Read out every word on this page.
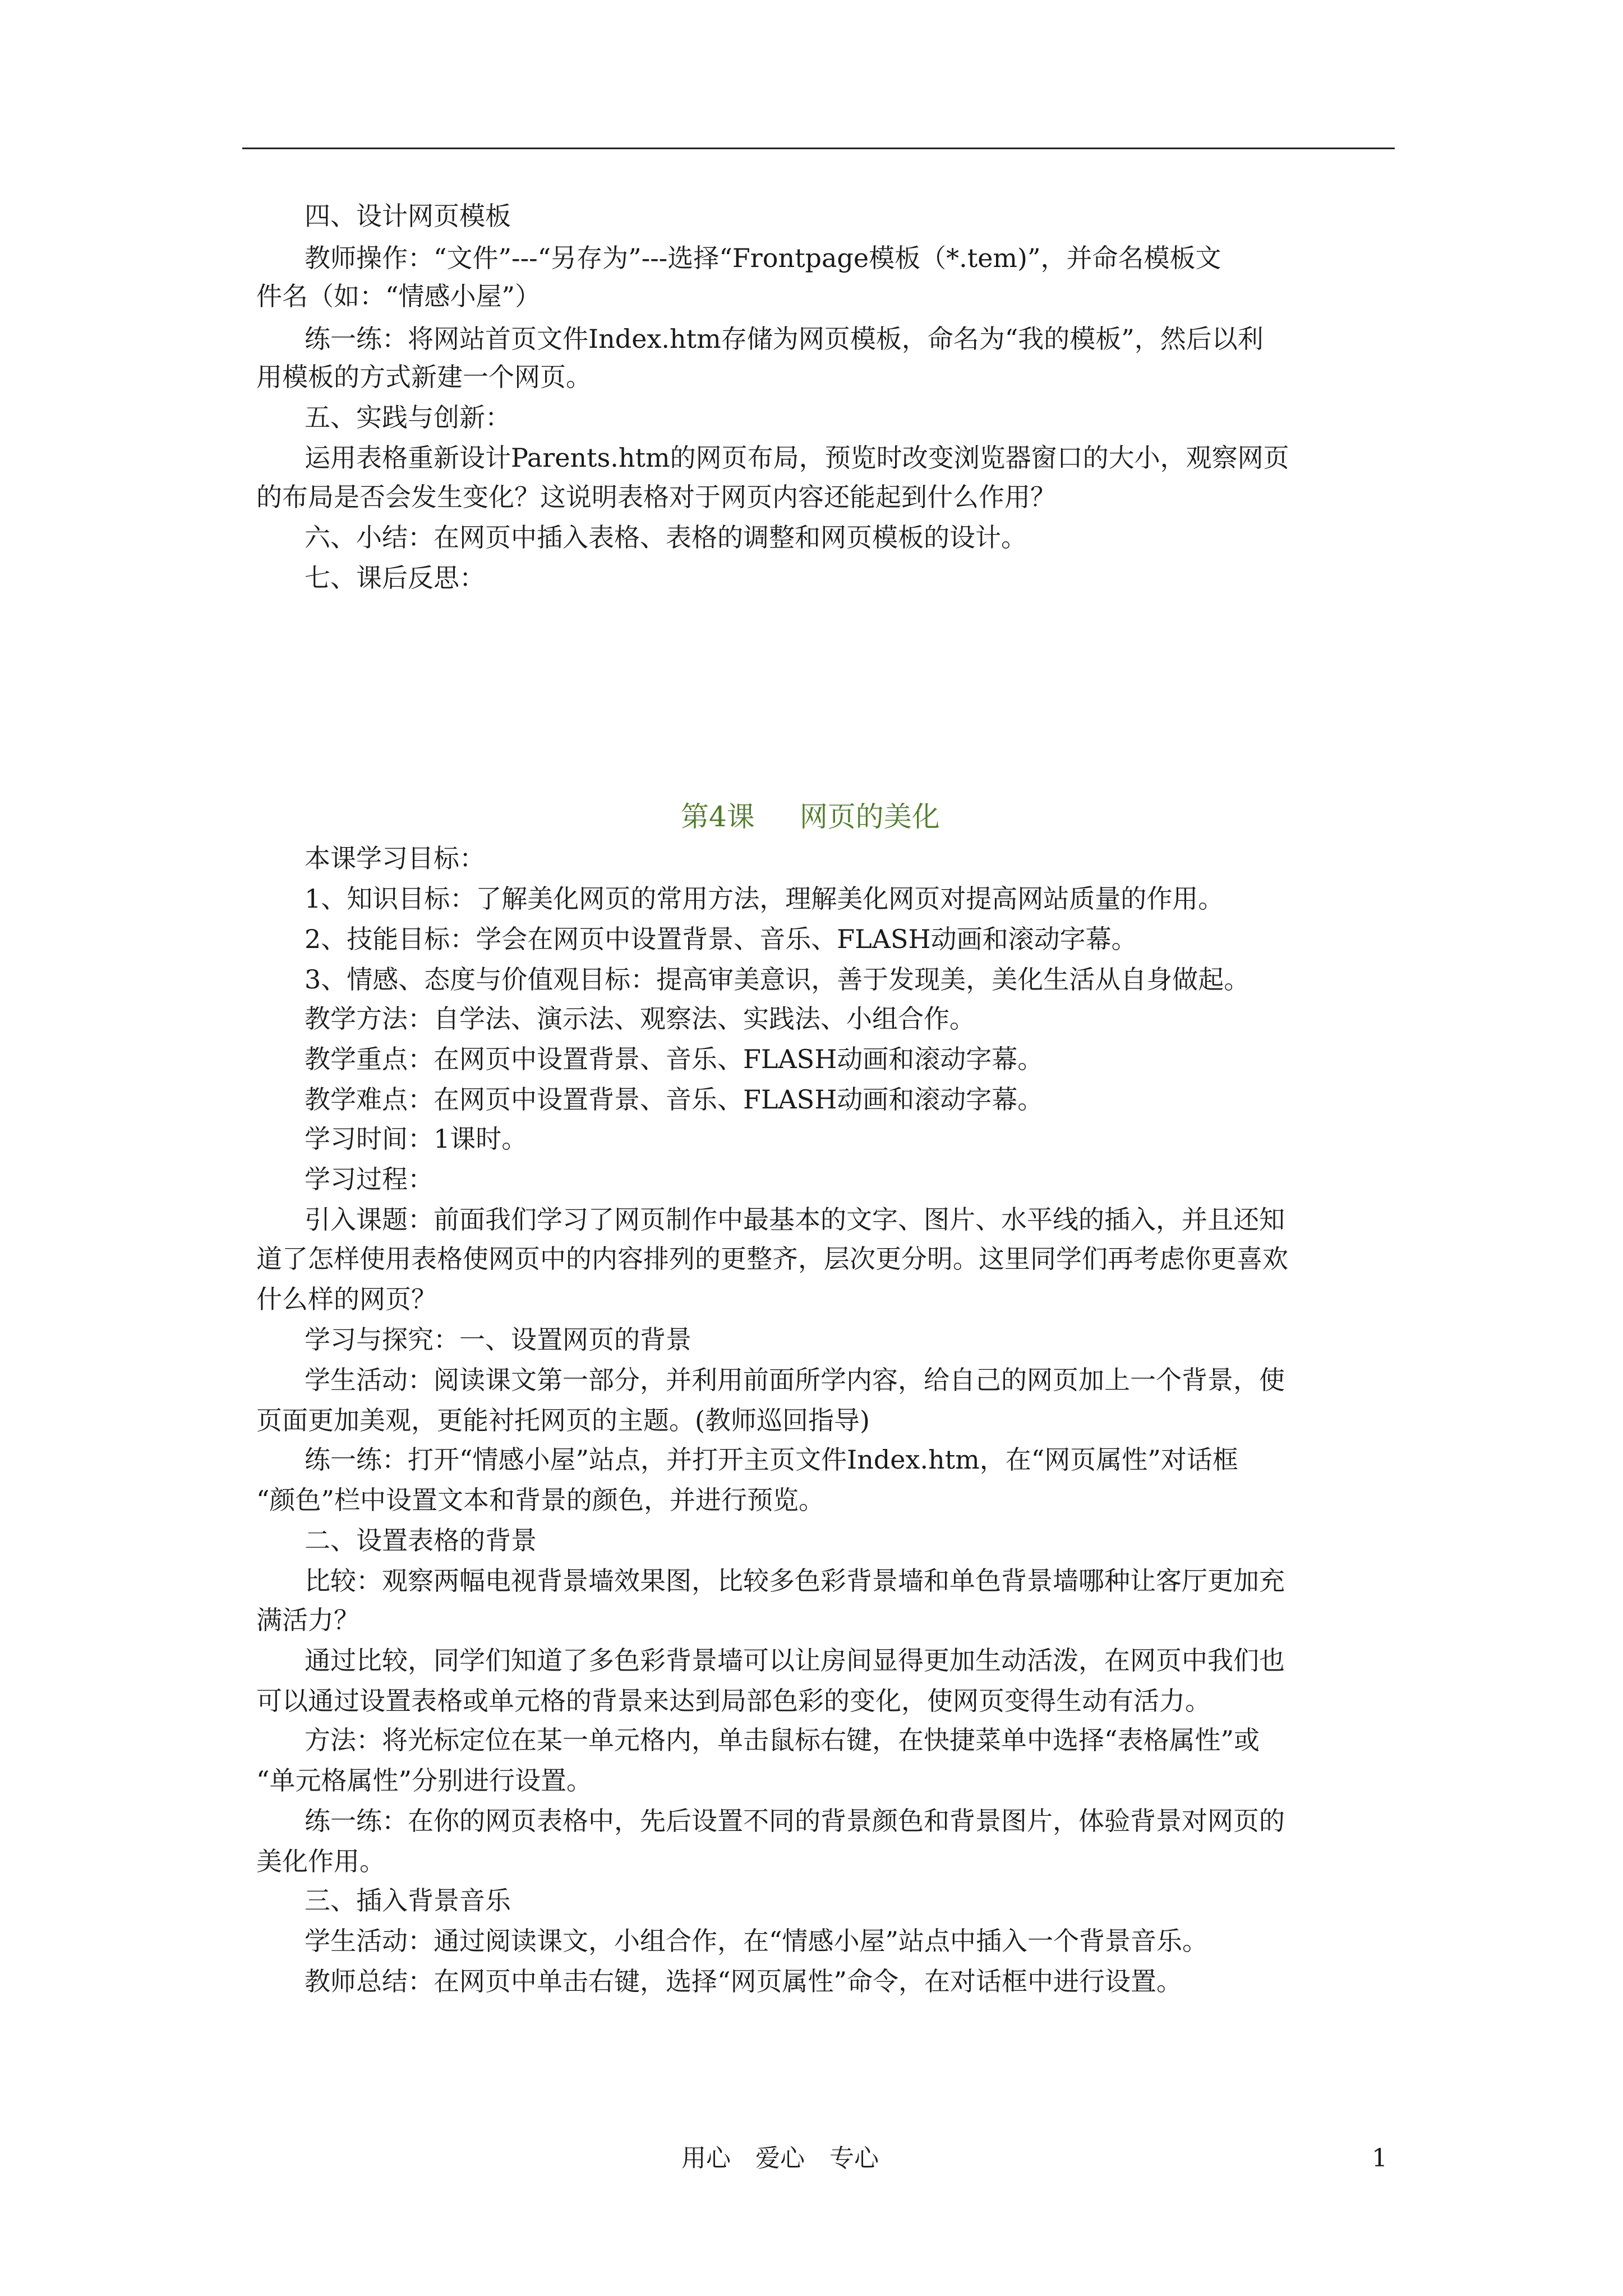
四、设计网页模板
教师操作：“文件”---“另存为”---选择“Frontpage模板（*.tem)”，并命名模板文
件名（如：“情感小屋”）
练一练：将网站首页文件Index.htm存储为网页模板，命名为“我的模板”，然后以利
用模板的方式新建一个网页。
五、实践与创新：
运用表格重新设计Parents.htm的网页布局，预览时改变浏览器窗口的大小，观察网页
的布局是否会发生变化？这说明表格对于网页内容还能起到什么作用？
六、小结：在网页中插入表格、表格的调整和网页模板的设计。
七、课后反思：
第4课 网页的美化
本课学习目标：
1、知识目标：了解美化网页的常用方法，理解美化网页对提高网站质量的作用。
2、技能目标：学会在网页中设置背景、音乐、FLASH动画和滚动字幕。
3、情感、态度与价值观目标：提高审美意识，善于发现美，美化生活从自身做起。
教学方法：自学法、演示法、观察法、实践法、小组合作。
教学重点：在网页中设置背景、音乐、FLASH动画和滚动字幕。
教学难点：在网页中设置背景、音乐、FLASH动画和滚动字幕。
学习时间：1课时。
学习过程：
引入课题：前面我们学习了网页制作中最基本的文字、图片、水平线的插入，并且还知
道了怎样使用表格使网页中的内容排列的更整齐，层次更分明。这里同学们再考虑你更喜欢
什么样的网页？
学习与探究：一、设置网页的背景
学生活动：阅读课文第一部分，并利用前面所学内容，给自己的网页加上一个背景，使
页面更加美观，更能衬托网页的主题。(教师巡回指导)
练一练：打开“情感小屋”站点，并打开主页文件Index.htm，在“网页属性”对话框
“颜色”栏中设置文本和背景的颜色，并进行预览。
二、设置表格的背景
比较：观察两幅电视背景墙效果图，比较多色彩背景墙和单色背景墙哪种让客厅更加充
满活力？
通过比较，同学们知道了多色彩背景墙可以让房间显得更加生动活泼，在网页中我们也
可以通过设置表格或单元格的背景来达到局部色彩的变化，使网页变得生动有活力。
方法：将光标定位在某一单元格内，单击鼠标右键，在快捷菜单中选择“表格属性”或
“单元格属性”分别进行设置。
练一练：在你的网页表格中，先后设置不同的背景颜色和背景图片，体验背景对网页的
美化作用。
三、插入背景音乐
学生活动：通过阅读课文，小组合作，在“情感小屋”站点中插入一个背景音乐。
教师总结：在网页中单击右键，选择“网页属性”命令，在对话框中进行设置。
用心 爱心 专心	1
